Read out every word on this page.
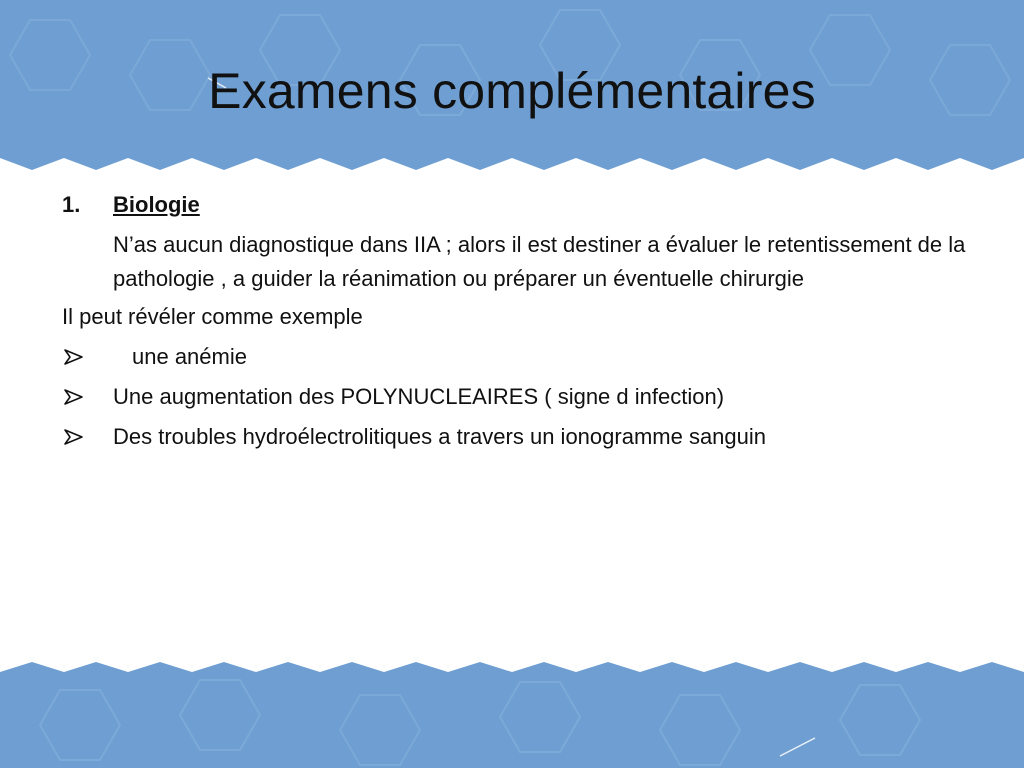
Examens complémentaires
1. Biologie
N’as aucun diagnostique dans IIA ; alors il est destiner a évaluer le retentissement de la pathologie , a guider la réanimation ou préparer un éventuelle chirurgie
Il peut révéler comme exemple
une anémie
Une augmentation des POLYNUCLEAIRES ( signe d infection)
Des troubles hydroélectrolitiques a travers un ionogramme sanguin
